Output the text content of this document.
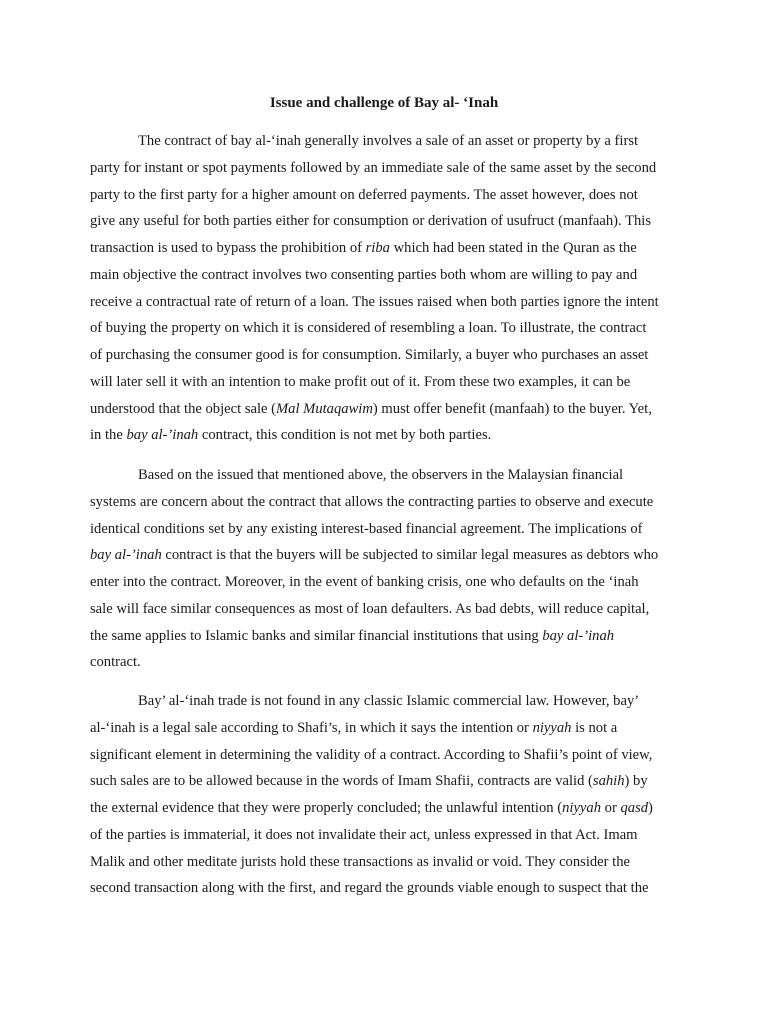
Issue and challenge of Bay al- ‘Inah
The contract of bay al-‘inah generally involves a sale of an asset or property by a first
party for instant or spot payments followed by an immediate sale of the same asset by the second
party to the first party for a higher amount on deferred payments. The asset however, does not
give any useful for both parties either for consumption or derivation of usufruct (manfaah). This
transaction is used to bypass the prohibition of riba which had been stated in the Quran as the
main objective the contract involves two consenting parties both whom are willing to pay and
receive a contractual rate of return of a loan. The issues raised when both parties ignore the intent
of buying the property on which it is considered of resembling a loan. To illustrate, the contract
of purchasing the consumer good is for consumption. Similarly, a buyer who purchases an asset
will later sell it with an intention to make profit out of it. From these two examples, it can be
understood that the object sale (Mal Mutaqawim) must offer benefit (manfaah) to the buyer. Yet,
in the bay al-’inah contract, this condition is not met by both parties.
Based on the issued that mentioned above, the observers in the Malaysian financial
systems are concern about the contract that allows the contracting parties to observe and execute
identical conditions set by any existing interest-based financial agreement. The implications of
bay al-’inah contract is that the buyers will be subjected to similar legal measures as debtors who
enter into the contract. Moreover, in the event of banking crisis, one who defaults on the ‘inah
sale will face similar consequences as most of loan defaulters. As bad debts, will reduce capital,
the same applies to Islamic banks and similar financial institutions that using bay al-’inah
contract.
Bay’ al-‘inah trade is not found in any classic Islamic commercial law. However, bay’
al-‘inah is a legal sale according to Shafi’s, in which it says the intention or niyyah is not a
significant element in determining the validity of a contract. According to Shafii’s point of view,
such sales are to be allowed because in the words of Imam Shafii, contracts are valid (sahih) by
the external evidence that they were properly concluded; the unlawful intention (niyyah or qasd)
of the parties is immaterial, it does not invalidate their act, unless expressed in that Act. Imam
Malik and other meditate jurists hold these transactions as invalid or void. They consider the
second transaction along with the first, and regard the grounds viable enough to suspect that the
